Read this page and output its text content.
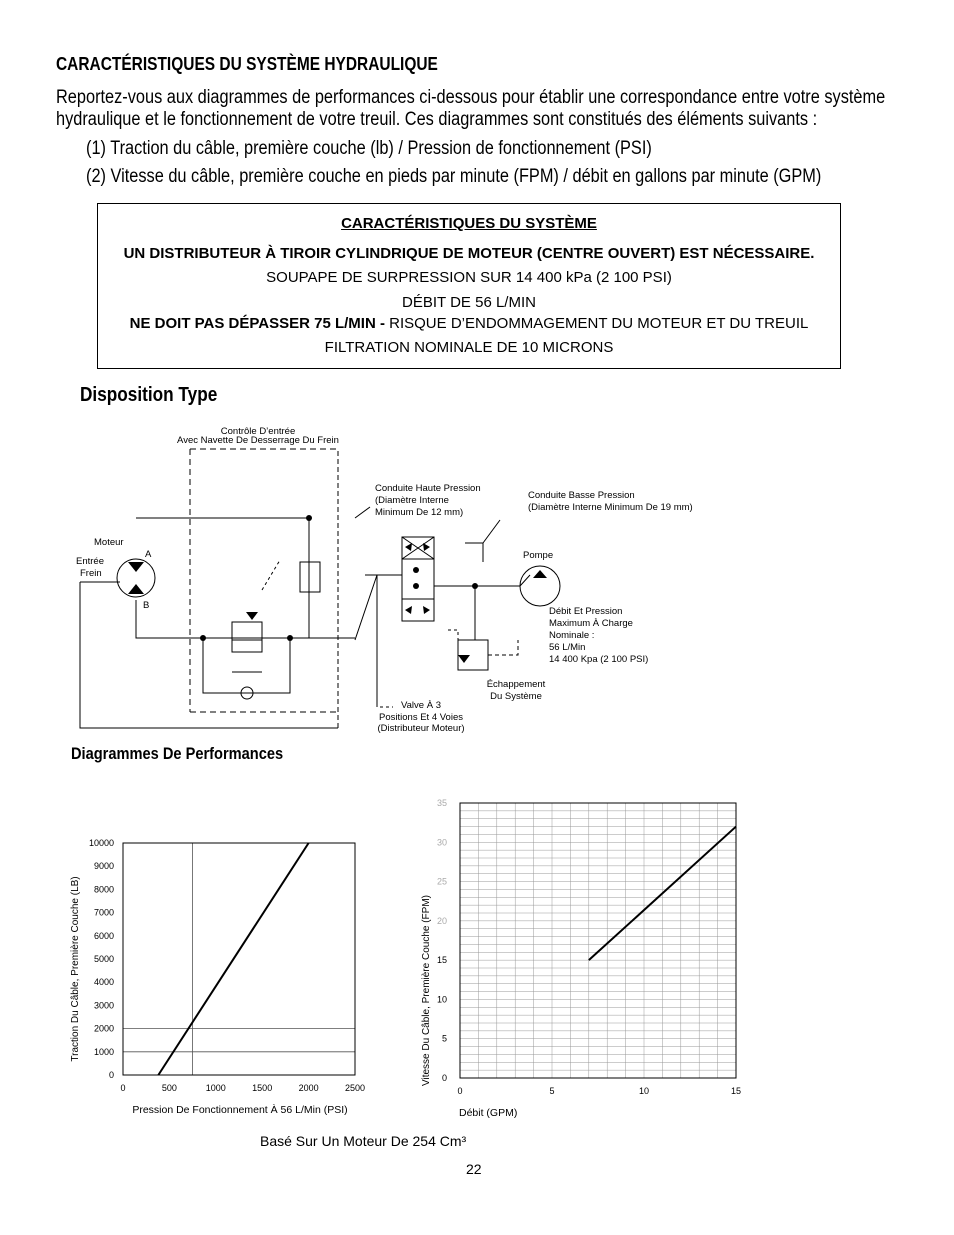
CARACTÉRISTIQUES DU SYSTÈME HYDRAULIQUE
Reportez-vous aux diagrammes de performances ci-dessous pour établir une correspondance entre votre système
hydraulique et le fonctionnement de votre treuil. Ces diagrammes sont constitués des éléments suivants :
(1) Traction du câble, première couche (lb) / Pression de fonctionnement (PSI)
(2) Vitesse du câble, première couche en pieds par minute (FPM) / débit en gallons par minute (GPM)
CARACTÉRISTIQUES DU SYSTÈME
UN DISTRIBUTEUR À TIROIR CYLINDRIQUE DE MOTEUR (CENTRE OUVERT) EST NÉCESSAIRE.
SOUPAPE DE SURPRESSION SUR 14 400 kPa (2 100 PSI)
DÉBIT DE 56 L/MIN
NE DOIT PAS DÉPASSER 75 L/MIN - RISQUE D’ENDOMMAGEMENT DU MOTEUR ET DU TREUIL
FILTRATION NOMINALE DE 10 MICRONS
Disposition Type
Contrôle D’entrée
Avec Navette De Desserrage Du Frein
Conduite Haute Pression
(Diamètre Interne
Minimum De 12 mm)
Conduite Basse Pression
(Diamètre Interne Minimum De 19 mm)
Moteur
Entrée
Frein
A
B
Pompe
Débit Et Pression
Maximum À Charge
Nominale :
56 L/Min
14 400 Kpa (2 100 PSI)
Échappement
Du Système
Valve À 3
Positions Et 4 Voies
(Distributeur Moteur)
Diagrammes De Performances
0	500	1000	1500	2000	2500
0
1000
2000
3000
4000
5000
6000
7000
8000
9000
10000
Pression De Fonctionnement À 56 L/Min (PSI)
Traction Du Câble, Première Couche (LB)
0	5	10	15
0
5
10
15
20
25
30
35
Débit (GPM)
Vitesse Du Câble, Première Couche (FPM)
Basé Sur Un Moteur De 254 Cm³
22
